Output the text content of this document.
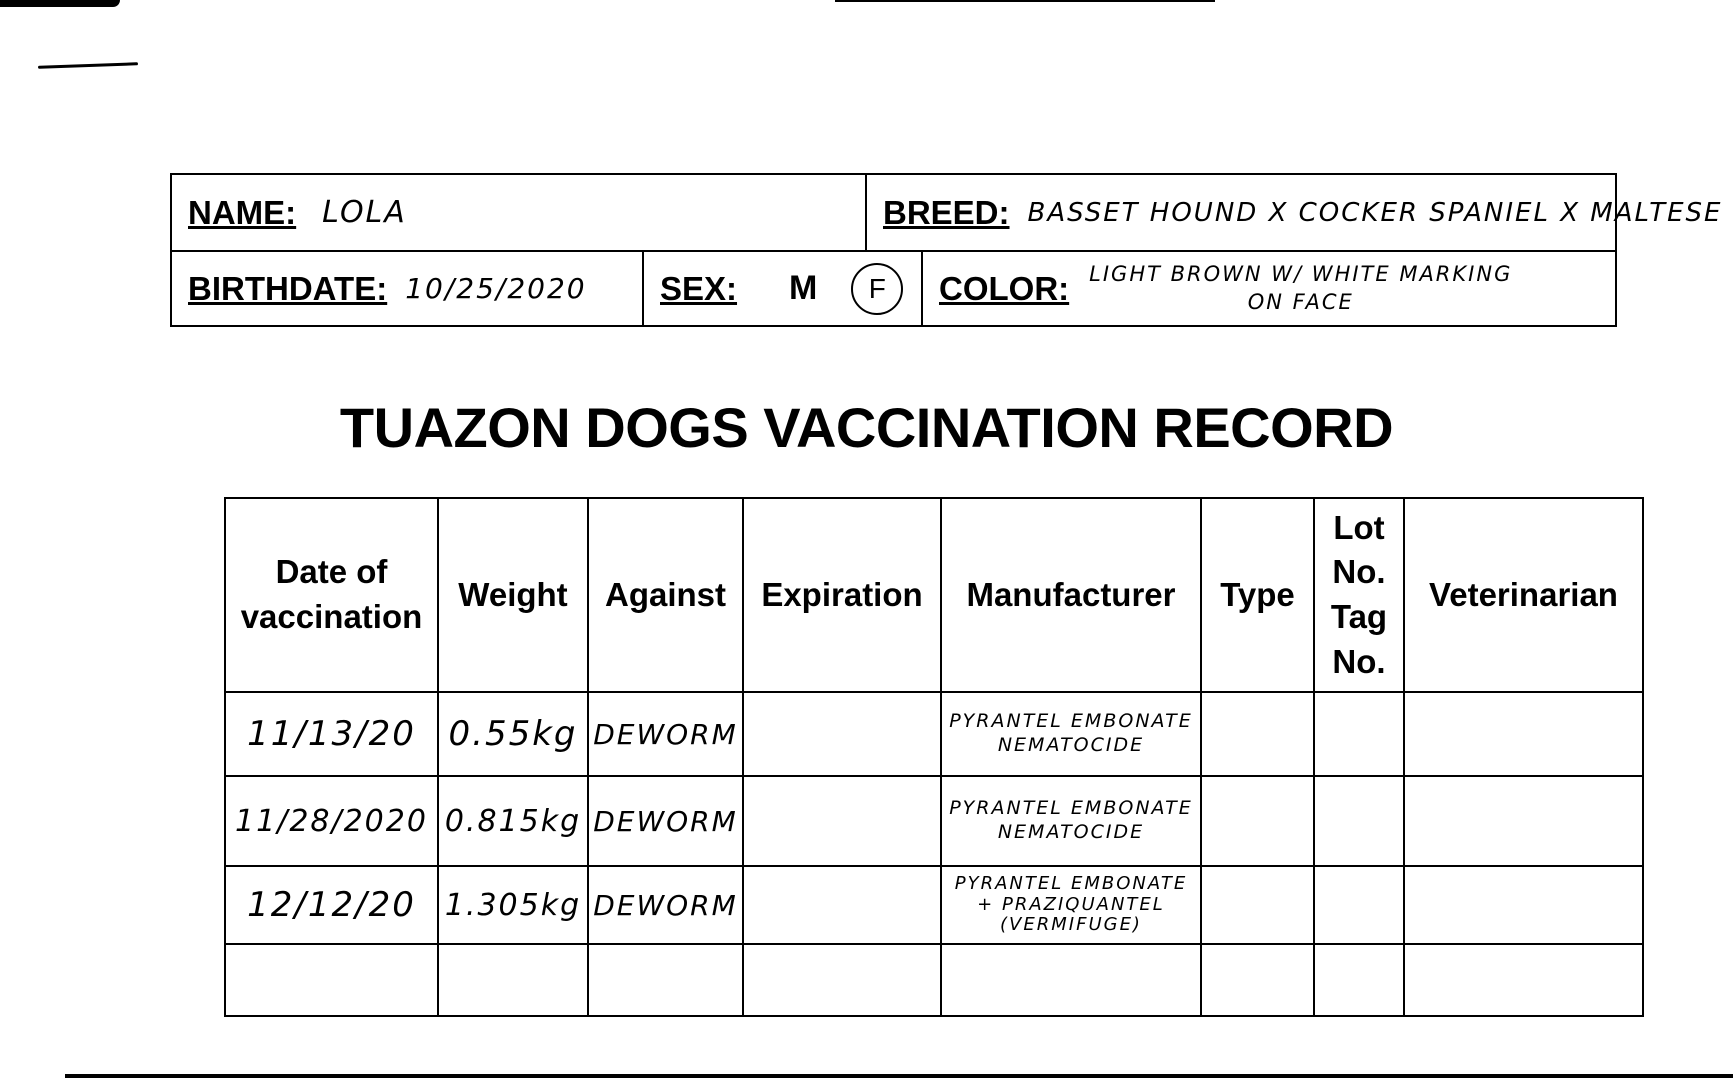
NAME: LOLA	BREED: BASSET HOUND X COCKER SPANIEL X MALTESE
BIRTHDATE: 10/25/2020 SEX: M	F	COLOR: LIGHT BROWN W/ WHITE MARKING
ON FACE
TUAZON DOGS VACCINATION RECORD
Date of vaccination	Weight	Against	Expiration	Manufacturer	Type	Lot No. Tag No.	Veterinarian
11/13/20	0.55kg	DEWORM		PYRANTEL EMBONATE
NEMATOCIDE			

11/28/2020	0.815kg	DEWORM		PYRANTEL EMBONATE
NEMATOCIDE			

12/12/20	1.305kg	DEWORM		PYRANTEL EMBONATE
+ PRAZIQUANTEL
(VERMIFUGE)			
